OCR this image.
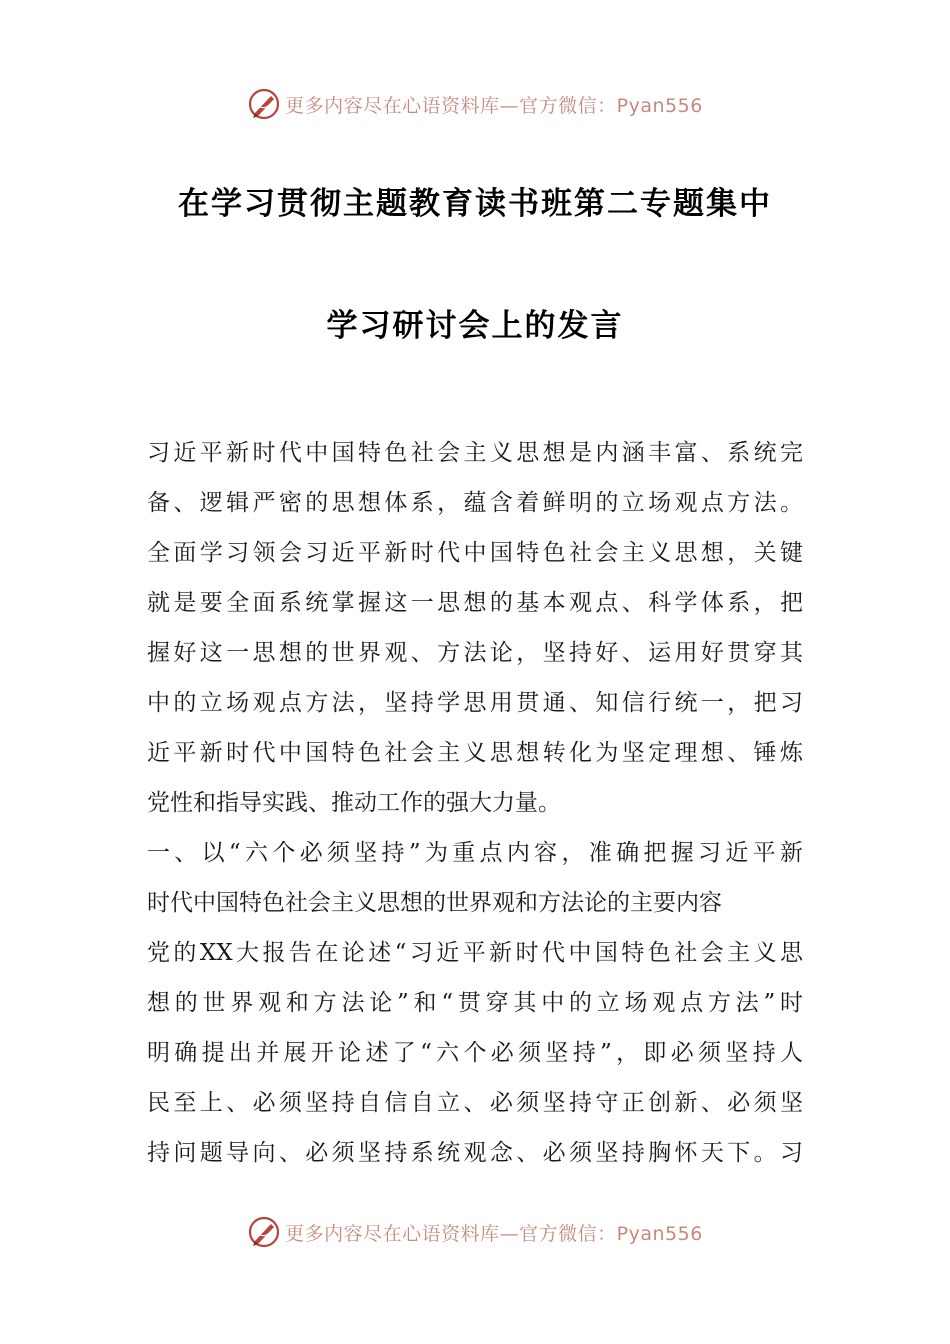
更多内容尽在心语资料库—官方微信：Pyan556
在学习贯彻主题教育读书班第二专题集中
学习研讨会上的发言
习近平新时代中国特色社会主义思想是内涵丰富、系统完
备、逻辑严密的思想体系，蕴含着鲜明的立场观点方法。
全面学习领会习近平新时代中国特色社会主义思想，关键
就是要全面系统掌握这一思想的基本观点、科学体系，把
握好这一思想的世界观、方法论，坚持好、运用好贯穿其
中的立场观点方法，坚持学思用贯通、知信行统一，把习
近平新时代中国特色社会主义思想转化为坚定理想、锤炼
党性和指导实践、推动工作的强大力量。
一、以“六个必须坚持”为重点内容，准确把握习近平新
时代中国特色社会主义思想的世界观和方法论的主要内容
党的XX大报告在论述“习近平新时代中国特色社会主义思
想的世界观和方法论”和“贯穿其中的立场观点方法”时
明确提出并展开论述了“六个必须坚持”，即必须坚持人
民至上、必须坚持自信自立、必须坚持守正创新、必须坚
持问题导向、必须坚持系统观念、必须坚持胸怀天下。习
更多内容尽在心语资料库—官方微信：Pyan556
